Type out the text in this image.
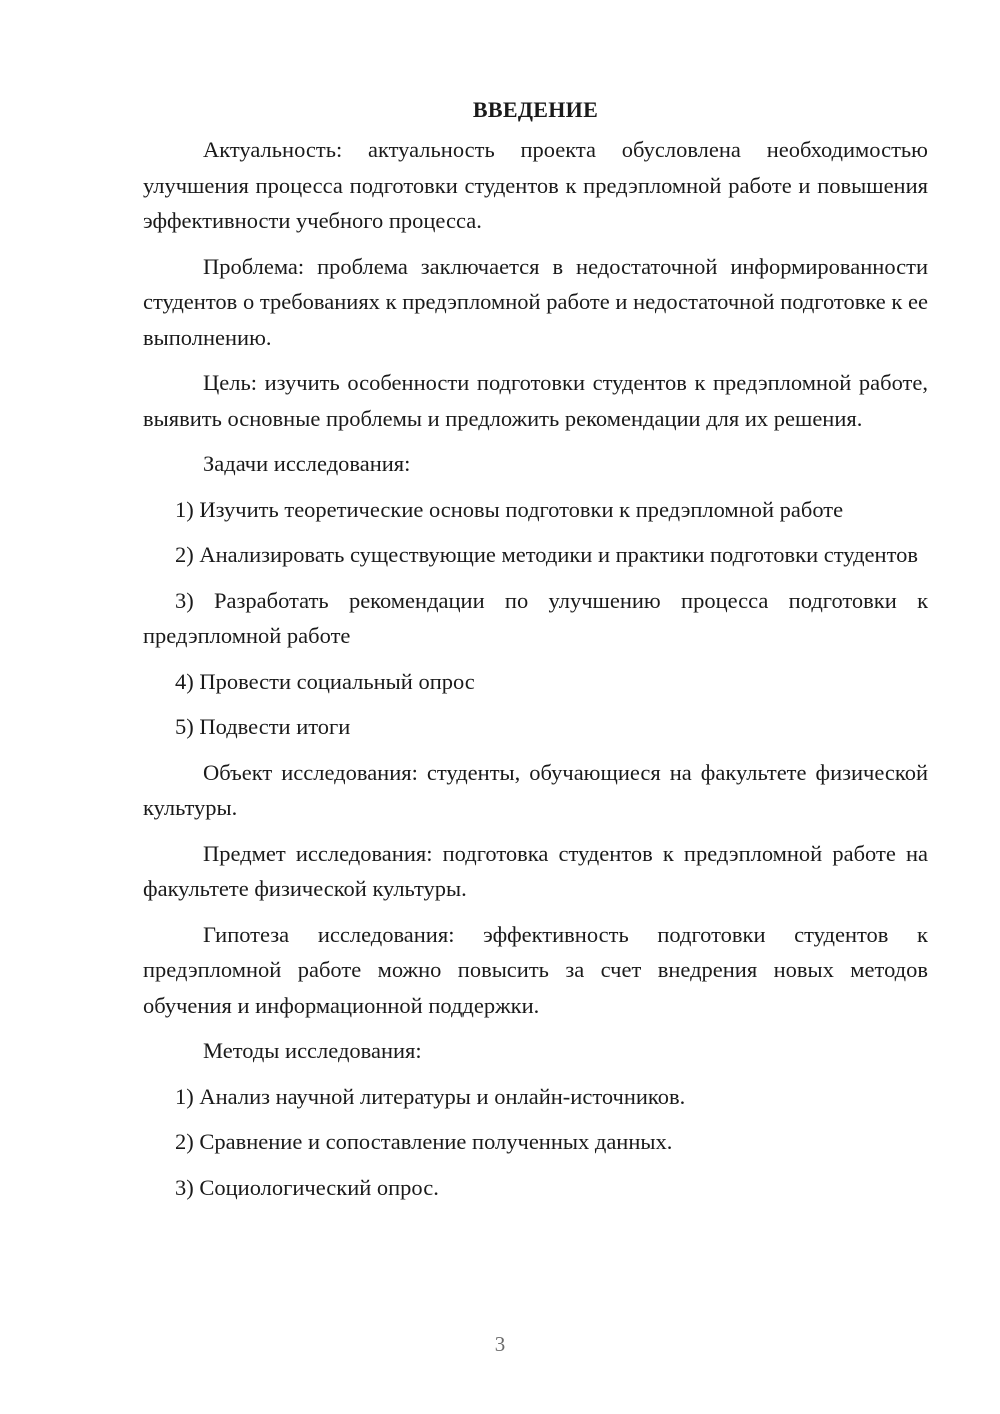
ВВЕДЕНИЕ

Актуальность: актуальность проекта обусловлена необходимостью улучшения процесса подготовки студентов к предэпломной работе и повышения эффективности учебного процесса.

Проблема: проблема заключается в недостаточной информированности студентов о требованиях к предэпломной работе и недостаточной подготовке к ее выполнению.

Цель: изучить особенности подготовки студентов к предэпломной работе, выявить основные проблемы и предложить рекомендации для их решения.

Задачи исследования:

1) Изучить теоретические основы подготовки к предэпломной работе

2) Анализировать существующие методики и практики подготовки студентов

3) Разработать рекомендации по улучшению процесса подготовки к предэпломной работе

4) Провести социальный опрос

5) Подвести итоги

Объект исследования: студенты, обучающиеся на факультете физической культуры.

Предмет исследования: подготовка студентов к предэпломной работе на факультете физической культуры.

Гипотеза исследования: эффективность подготовки студентов к предэпломной работе можно повысить за счет внедрения новых методов обучения и информационной поддержки.

Методы исследования:

1) Анализ научной литературы и онлайн-источников.

2) Сравнение и сопоставление полученных данных.

3) Социологический опрос.

3
